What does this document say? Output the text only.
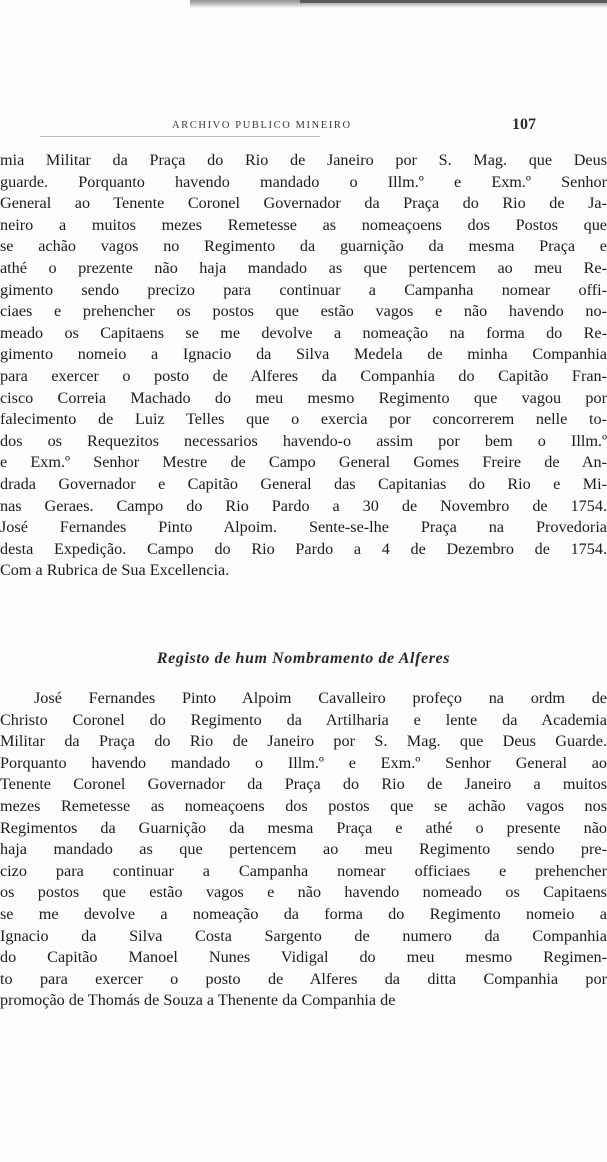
ARCHIVO PUBLICO MINEIRO	107
mia Militar da Praça do Rio de Janeiro por S. Mag. que Deus
guarde. Porquanto havendo mandado o Illm.º e Exm.º Senhor
General ao Tenente Coronel Governador da Praça do Rio de Ja-
neiro a muitos mezes Remetesse as nomeaçoens dos Postos que
se achão vagos no Regimento da guarnição da mesma Praça e
athé o prezente não haja mandado as que pertencem ao meu Re-
gimento sendo precizo para continuar a Campanha nomear offi-
ciaes e prehencher os postos que estão vagos e não havendo no-
meado os Capitaens se me devolve a nomeação na forma do Re-
gimento nomeio a Ignacio da Silva Medela de minha Companhia
para exercer o posto de Alferes da Companhia do Capitão Fran-
cisco Correia Machado do meu mesmo Regimento que vagou por
falecimento de Luiz Telles que o exercia por concorrerem nelle to-
dos os Requezitos necessarios havendo-o assim por bem o Illm.º
e Exm.º Senhor Mestre de Campo General Gomes Freire de An-
drada Governador e Capitão General das Capitanias do Rio e Mi-
nas Geraes. Campo do Rio Pardo a 30 de Novembro de 1754.
José Fernandes Pinto Alpoim. Sente-se-lhe Praça na Provedoria
desta Expedição. Campo do Rio Pardo a 4 de Dezembro de 1754.
Com a Rubrica de Sua Excellencia.
Registo de hum Nombramento de Alferes
José Fernandes Pinto Alpoim Cavalleiro profeço na ordm de
Christo Coronel do Regimento da Artilharia e lente da Academia
Militar da Praça do Rio de Janeiro por S. Mag. que Deus Guarde.
Porquanto havendo mandado o Illm.º e Exm.º Senhor General ao
Tenente Coronel Governador da Praça do Rio de Janeiro a muitos
mezes Remetesse as nomeaçoens dos postos que se achão vagos nos
Regimentos da Guarnição da mesma Praça e athé o presente não
haja mandado as que pertencem ao meu Regimento sendo pre-
cizo para continuar a Campanha nomear officiaes e prehencher
os postos que estão vagos e não havendo nomeado os Capitaens
se me devolve a nomeação da forma do Regimento nomeio a
Ignacio da Silva Costa Sargento de numero da Companhia
do Capitão Manoel Nunes Vidigal do meu mesmo Regimen-
to para exercer o posto de Alferes da ditta Companhia por
promoção de Thomás de Souza a Thenente da Companhia de
